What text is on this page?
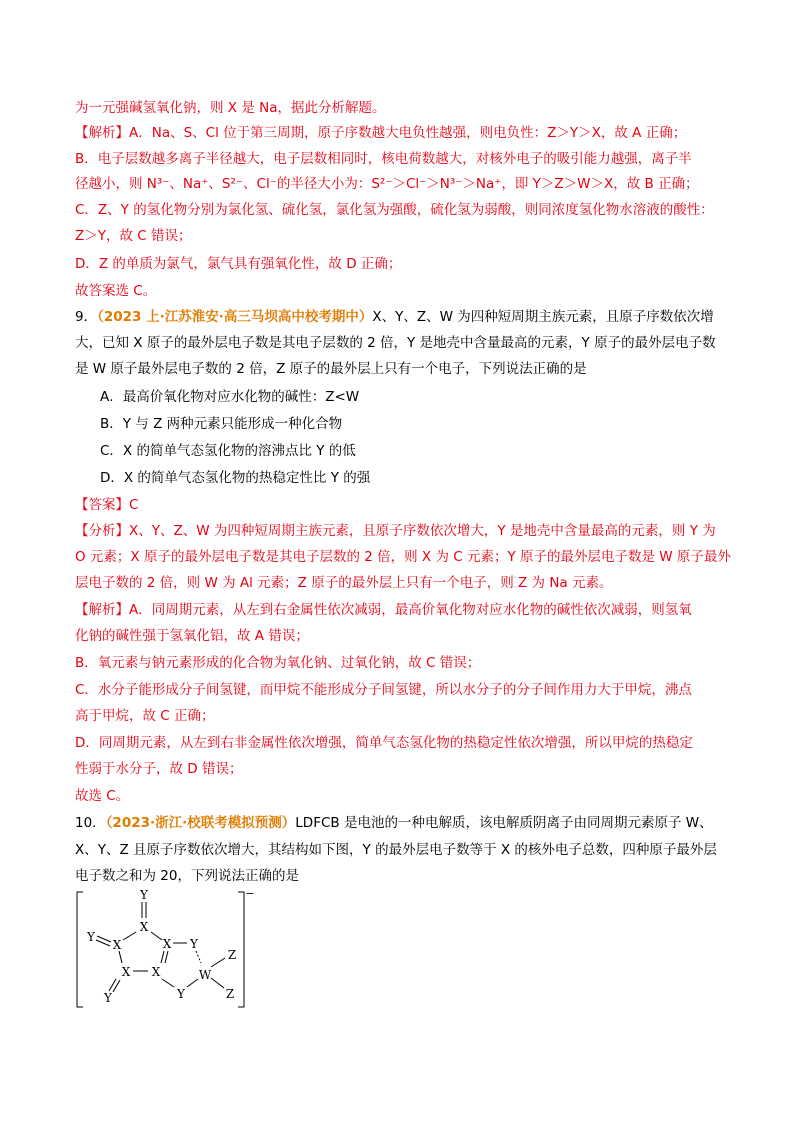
为一元强碱氢氧化钠，则 X 是 Na，据此分析解题。
【解析】A．Na、S、Cl 位于第三周期，原子序数越大电负性越强，则电负性：Z＞Y＞X，故 A 正确；
B．电子层数越多离子半径越大，电子层数相同时，核电荷数越大，对核外电子的吸引能力越强，离子半
径越小，则 N³⁻、Na⁺、S²⁻、Cl⁻的半径大小为：S²⁻＞Cl⁻＞N³⁻＞Na⁺，即 Y＞Z＞W＞X，故 B 正确；
C．Z、Y 的氢化物分别为氯化氢、硫化氢，氯化氢为强酸，硫化氢为弱酸，则同浓度氢化物水溶液的酸性：
Z＞Y，故 C 错误；
D．Z 的单质为氯气，氯气具有强氧化性，故 D 正确；
故答案选 C。
9．（2023 上·江苏淮安·高三马坝高中校考期中）X、Y、Z、W 为四种短周期主族元素，且原子序数依次增
大，已知 X 原子的最外层电子数是其电子层数的 2 倍，Y 是地壳中含量最高的元素，Y 原子的最外层电子数
是 W 原子最外层电子数的 2 倍，Z 原子的最外层上只有一个电子，下列说法正确的是
A．最高价氧化物对应水化物的碱性：Z<W
B．Y 与 Z 两种元素只能形成一种化合物
C．X 的简单气态氢化物的溶沸点比 Y 的低
D．X 的简单气态氢化物的热稳定性比 Y 的强
【答案】C
【分析】X、Y、Z、W 为四种短周期主族元素，且原子序数依次增大，Y 是地壳中含量最高的元素，则 Y 为
O 元素；X 原子的最外层电子数是其电子层数的 2 倍，则 X 为 C 元素；Y 原子的最外层电子数是 W 原子最外
层电子数的 2 倍，则 W 为 Al 元素；Z 原子的最外层上只有一个电子，则 Z 为 Na 元素。
【解析】A．同周期元素，从左到右金属性依次减弱，最高价氧化物对应水化物的碱性依次减弱，则氢氧
化钠的碱性强于氢氧化铝，故 A 错误；
B．氧元素与钠元素形成的化合物为氧化钠、过氧化钠，故 C 错误；
C．水分子能形成分子间氢键，而甲烷不能形成分子间氢键，所以水分子的分子间作用力大于甲烷，沸点
高于甲烷，故 C 正确；
D．同周期元素，从左到右非金属性依次增强，简单气态氢化物的热稳定性依次增强，所以甲烷的热稳定
性弱于水分子，故 D 错误；
故选 C。
10．（2023·浙江·校联考模拟预测）LDFCB 是电池的一种电解质，该电解质阴离子由同周期元素原子 W、
X、Y、Z 且原子序数依次增大，其结构如下图，Y 的最外层电子数等于 X 的核外电子总数，四种原子最外层
电子数之和为 20，下列说法正确的是
Y
X
Y
X	X Y
X X
Y
W
Z
Z
Y
−
